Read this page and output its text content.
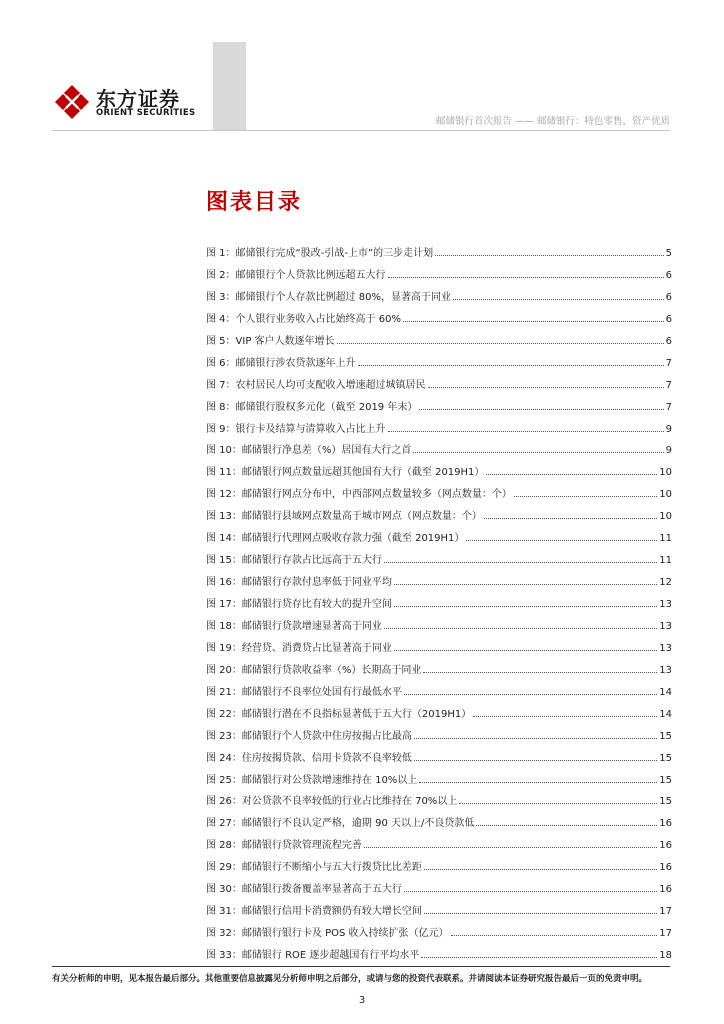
东方证券
ORIENT SECURITIES
邮储银行首次报告 —— 邮储银行：特色零售，资产优质
图表目录
图 1：邮储银行完成“股改-引战-上市”的三步走计划	5
图 2：邮储银行个人贷款比例远超五大行	6
图 3：邮储银行个人存款比例超过 80%，显著高于同业	6
图 4：个人银行业务收入占比始终高于 60%	6
图 5：VIP 客户人数逐年增长	6
图 6：邮储银行涉农贷款逐年上升	7
图 7：农村居民人均可支配收入增速超过城镇居民	7
图 8：邮储银行股权多元化（截至 2019 年末）	7
图 9：银行卡及结算与清算收入占比上升	9
图 10：邮储银行净息差（%）居国有大行之首	9
图 11：邮储银行网点数量远超其他国有大行（截至 2019H1）	10
图 12：邮储银行网点分布中，中西部网点数量较多（网点数量：个）	10
图 13：邮储银行县域网点数量高于城市网点（网点数量：个）	10
图 14：邮储银行代理网点吸收存款力强（截至 2019H1）	11
图 15：邮储银行存款占比远高于五大行	11
图 16：邮储银行存款付息率低于同业平均	12
图 17：邮储银行贷存比有较大的提升空间	13
图 18：邮储银行贷款增速显著高于同业	13
图 19：经营贷、消费贷占比显著高于同业	13
图 20：邮储银行贷款收益率（%）长期高于同业	13
图 21：邮储银行不良率位处国有行最低水平	14
图 22：邮储银行潜在不良指标显著低于五大行（2019H1）	14
图 23：邮储银行个人贷款中住房按揭占比最高	15
图 24：住房按揭贷款、信用卡贷款不良率较低	15
图 25：邮储银行对公贷款增速维持在 10%以上	15
图 26：对公贷款不良率较低的行业占比维持在 70%以上	15
图 27：邮储银行不良认定严格，逾期 90 天以上/不良贷款低	16
图 28：邮储银行贷款管理流程完善	16
图 29：邮储银行不断缩小与五大行拨贷比比差距	16
图 30：邮储银行拨备覆盖率显著高于五大行	16
图 31：邮储银行信用卡消费额仍有较大增长空间	17
图 32：邮储银行银行卡及 POS 收入持续扩张（亿元）	17
图 33：邮储银行 ROE 逐步超越国有行平均水平	18
有关分析师的申明，见本报告最后部分。其他重要信息披露见分析师申明之后部分，或请与您的投资代表联系。并请阅读本证券研究报告最后一页的免责申明。
3
